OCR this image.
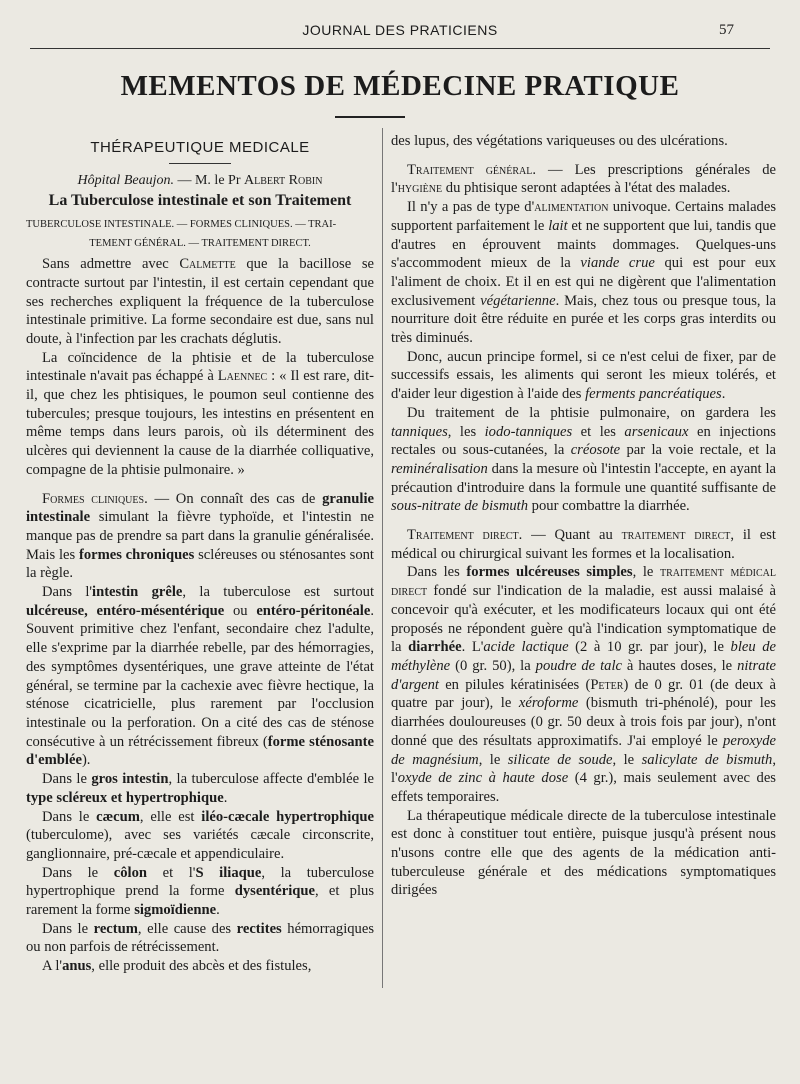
JOURNAL DES PRATICIENS	57
MEMENTOS DE MÉDECINE PRATIQUE
THÉRAPEUTIQUE MEDICALE
Hôpital Beaujon. — M. le Pr Albert Robin
La Tuberculose intestinale et son Traitement
TUBERCULOSE INTESTINALE. — FORMES CLINIQUES. — TRAI-
TEMENT GÉNÉRAL. — TRAITEMENT DIRECT.

Sans admettre avec Calmette que la bacillose se contracte surtout par l'intestin, il est certain cependant que ses recherches expliquent la fréquence de la tuberculose intestinale primitive. La forme secondaire est due, sans nul doute, à l'infection par les crachats déglutis.

La coïncidence de la phtisie et de la tuberculose intestinale n'avait pas échappé à Laennec : « Il est rare, dit-il, que chez les phtisiques, le poumon seul contienne des tubercules; presque toujours, les intestins en présentent en même temps dans leurs parois, où ils déterminent des ulcères qui deviennent la cause de la diarrhée colliquative, compagne de la phtisie pulmonaire. »

Formes cliniques. — On connaît des cas de granulie intestinale simulant la fièvre typhoïde, et l'intestin ne manque pas de prendre sa part dans la granulie généralisée. Mais les formes chroniques scléreuses ou sténosantes sont la règle.

Dans l'intestin grêle, la tuberculose est surtout ulcéreuse, entéro-mésentérique ou entéro-péritonéale. Souvent primitive chez l'enfant, secondaire chez l'adulte, elle s'exprime par la diarrhée rebelle, par des hémorragies, des symptômes dysentériques, une grave atteinte de l'état général, se termine par la cachexie avec fièvre hectique, la sténose cicatricielle, plus rarement par l'occlusion intestinale ou la perforation. On a cité des cas de sténose consécutive à un rétrécissement fibreux (forme sténosante d'emblée).

Dans le gros intestin, la tuberculose affecte d'emblée le type scléreux et hypertrophique.

Dans le cæcum, elle est iléo-cæcale hypertrophique (tuberculome), avec ses variétés cæcale circonscrite, ganglionnaire, pré-cæcale et appendiculaire.

Dans le côlon et l'S iliaque, la tuberculose hypertrophique prend la forme dysentérique, et plus rarement la forme sigmoïdienne.

Dans le rectum, elle cause des rectites hémorragiques ou non parfois de rétrécissement.

A l'anus, elle produit des abcès et des fistules,

des lupus, des végétations variqueuses ou des ulcérations.

Traitement général. — Les prescriptions générales de l'hygiène du phtisique seront adaptées à l'état des malades.

Il n'y a pas de type d'alimentation univoque. Certains malades supportent parfaitement le lait et ne supportent que lui, tandis que d'autres en éprouvent maints dommages. Quelques-uns s'accommodent mieux de la viande crue qui est pour eux l'aliment de choix. Et il en est qui ne digèrent que l'alimentation exclusivement végétarienne. Mais, chez tous ou presque tous, la nourriture doit être réduite en purée et les corps gras interdits ou très diminués.

Donc, aucun principe formel, si ce n'est celui de fixer, par de successifs essais, les aliments qui seront les mieux tolérés, et d'aider leur digestion à l'aide des ferments pancréatiques.

Du traitement de la phtisie pulmonaire, on gardera les tanniques, les iodo-tanniques et les arsenicaux en injections rectales ou sous-cutanées, la créosote par la voie rectale, et la reminéralisation dans la mesure où l'intestin l'accepte, en ayant la précaution d'introduire dans la formule une quantité suffisante de sous-nitrate de bismuth pour combattre la diarrhée.

Traitement direct. — Quant au traitement direct, il est médical ou chirurgical suivant les formes et la localisation.

Dans les formes ulcéreuses simples, le traitement médical direct fondé sur l'indication de la maladie, est aussi malaisé à concevoir qu'à exécuter, et les modificateurs locaux qui ont été proposés ne répondent guère qu'à l'indication symptomatique de la diarrhée. L'acide lactique (2 à 10 gr. par jour), le bleu de méthylène (0 gr. 50), la poudre de talc à hautes doses, le nitrate d'argent en pilules kératinisées (Peter) de 0 gr. 01 (de deux à quatre par jour), le xéroforme (bismuth tri-phénolé), pour les diarrhées douloureuses (0 gr. 50 deux à trois fois par jour), n'ont donné que des résultats approximatifs. J'ai employé le peroxyde de magnésium, le silicate de soude, le salicylate de bismuth, l'oxyde de zinc à haute dose (4 gr.), mais seulement avec des effets temporaires.

La thérapeutique médicale directe de la tuberculose intestinale est donc à constituer tout entière, puisque jusqu'à présent nous n'usons contre elle que des agents de la médication anti-tuberculeuse générale et des médications symptomatiques dirigées
